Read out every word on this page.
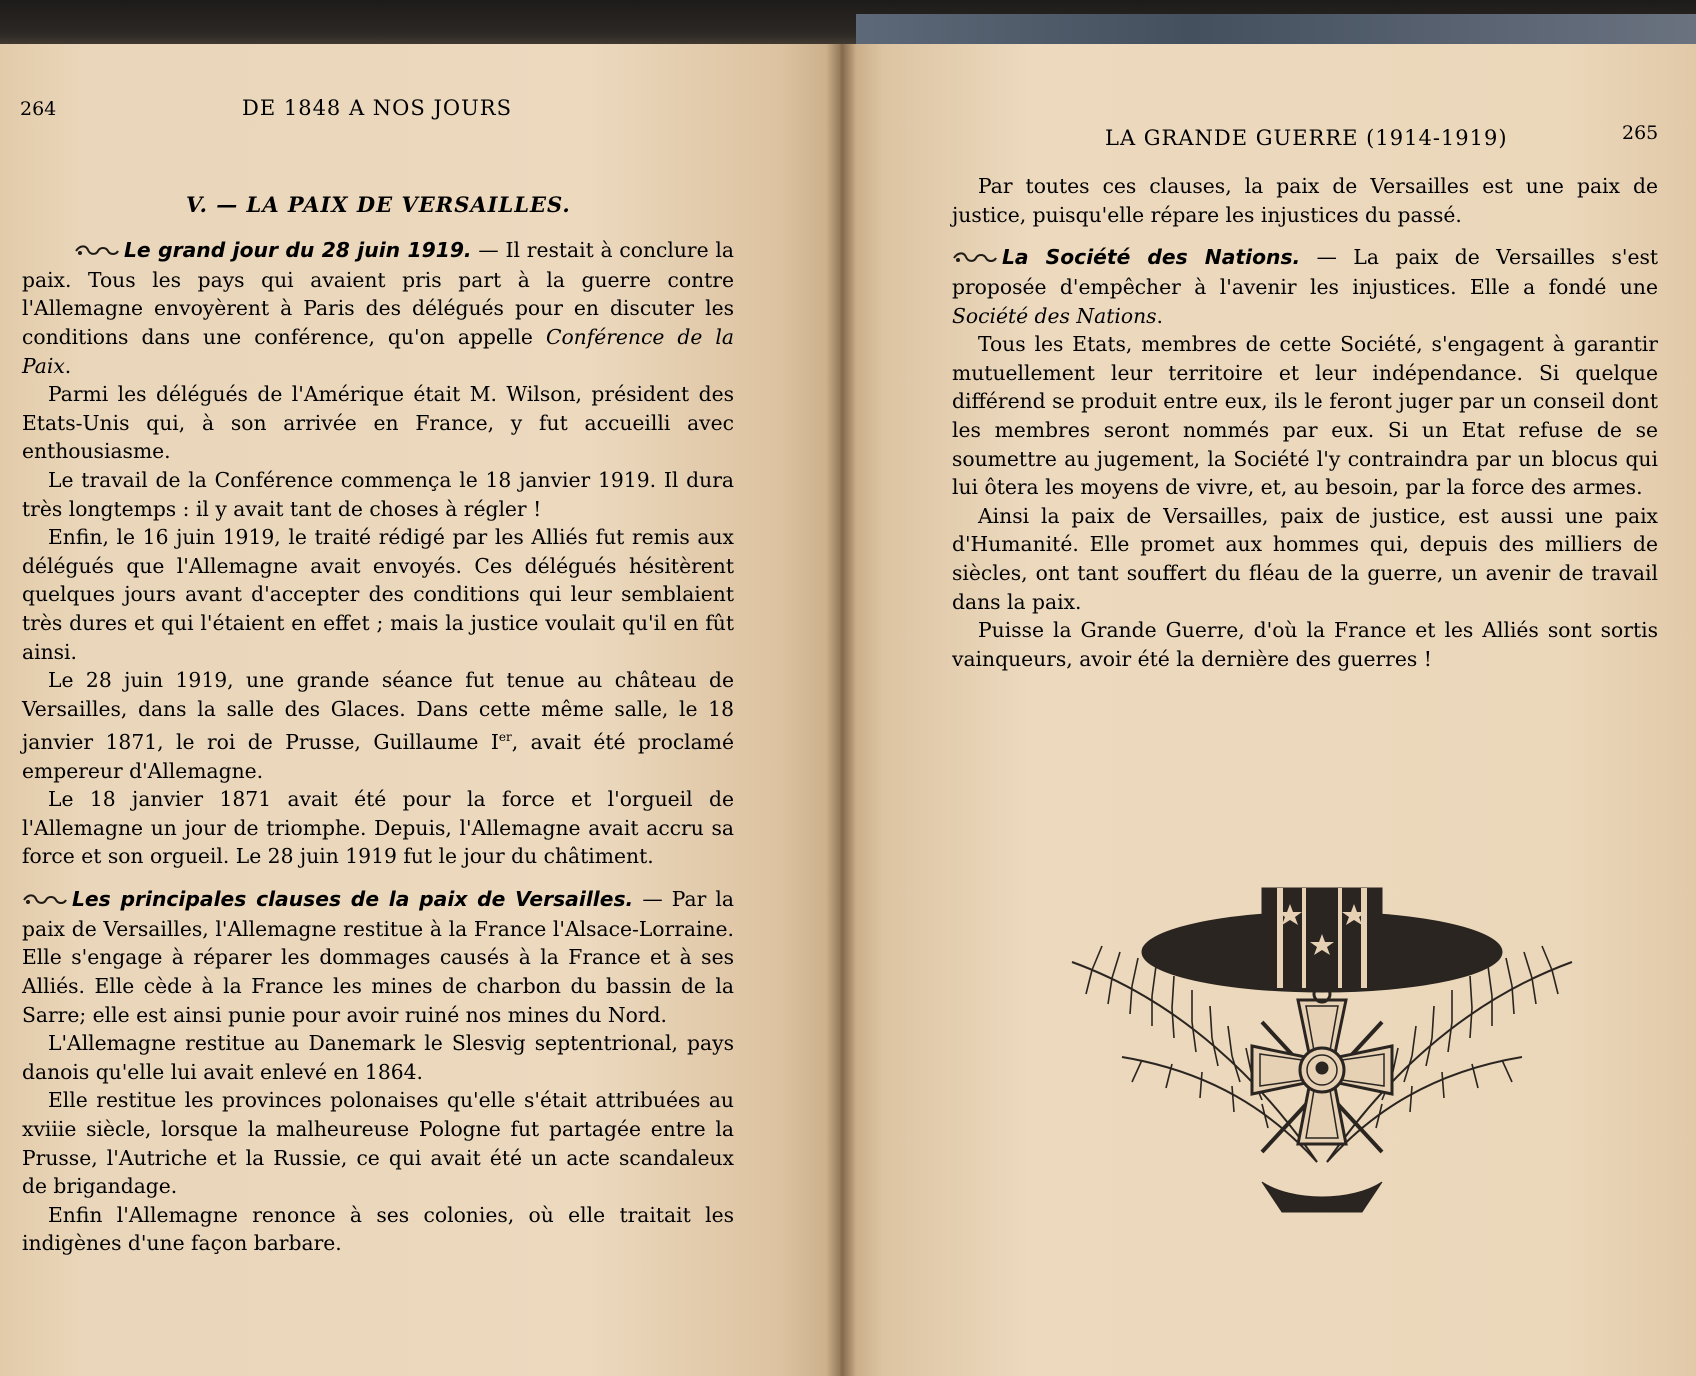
264	DE 1848 A NOS JOURS
V. — LA PAIX DE VERSAILLES.

Le grand jour du 28 juin 1919. — Il restait à conclure la paix. Tous les pays qui avaient pris part à la guerre contre l'Allemagne envoyèrent à Paris des délégués pour en discuter les conditions dans une conférence, qu'on appelle Conférence de la Paix.

Parmi les délégués de l'Amérique était M. Wilson, président des Etats-Unis qui, à son arrivée en France, y fut accueilli avec enthousiasme.

Le travail de la Conférence commença le 18 janvier 1919. Il dura très longtemps : il y avait tant de choses à régler !

Enfin, le 16 juin 1919, le traité rédigé par les Alliés fut remis aux délégués que l'Allemagne avait envoyés. Ces délégués hésitèrent quelques jours avant d'accepter des conditions qui leur semblaient très dures et qui l'étaient en effet ; mais la justice voulait qu'il en fût ainsi.

Le 28 juin 1919, une grande séance fut tenue au château de Versailles, dans la salle des Glaces. Dans cette même salle, le 18 janvier 1871, le roi de Prusse, Guillaume Ier, avait été proclamé empereur d'Allemagne.

Le 18 janvier 1871 avait été pour la force et l'orgueil de l'Allemagne un jour de triomphe. Depuis, l'Allemagne avait accru sa force et son orgueil. Le 28 juin 1919 fut le jour du châtiment.

Les principales clauses de la paix de Versailles. — Par la paix de Versailles, l'Allemagne restitue à la France l'Alsace-Lorraine. Elle s'engage à réparer les dommages causés à la France et à ses Alliés. Elle cède à la France les mines de charbon du bassin de la Sarre; elle est ainsi punie pour avoir ruiné nos mines du Nord.

L'Allemagne restitue au Danemark le Slesvig septentrional, pays danois qu'elle lui avait enlevé en 1864.

Elle restitue les provinces polonaises qu'elle s'était attribuées au xviiie siècle, lorsque la malheureuse Pologne fut partagée entre la Prusse, l'Autriche et la Russie, ce qui avait été un acte scandaleux de brigandage.

Enfin l'Allemagne renonce à ses colonies, où elle traitait les indigènes d'une façon barbare.

LA GRANDE GUERRE (1914-1919)	265

Par toutes ces clauses, la paix de Versailles est une paix de justice, puisqu'elle répare les injustices du passé.

La Société des Nations. — La paix de Versailles s'est proposée d'empêcher à l'avenir les injustices. Elle a fondé une Société des Nations.

Tous les Etats, membres de cette Société, s'engagent à garantir mutuellement leur territoire et leur indépendance. Si quelque différend se produit entre eux, ils le feront juger par un conseil dont les membres seront nommés par eux. Si un Etat refuse de se soumettre au jugement, la Société l'y contraindra par un blocus qui lui ôtera les moyens de vivre, et, au besoin, par la force des armes.

Ainsi la paix de Versailles, paix de justice, est aussi une paix d'Humanité. Elle promet aux hommes qui, depuis des milliers de siècles, ont tant souffert du fléau de la guerre, un avenir de travail dans la paix.

Puisse la Grande Guerre, d'où la France et les Alliés sont sortis vainqueurs, avoir été la dernière des guerres !
